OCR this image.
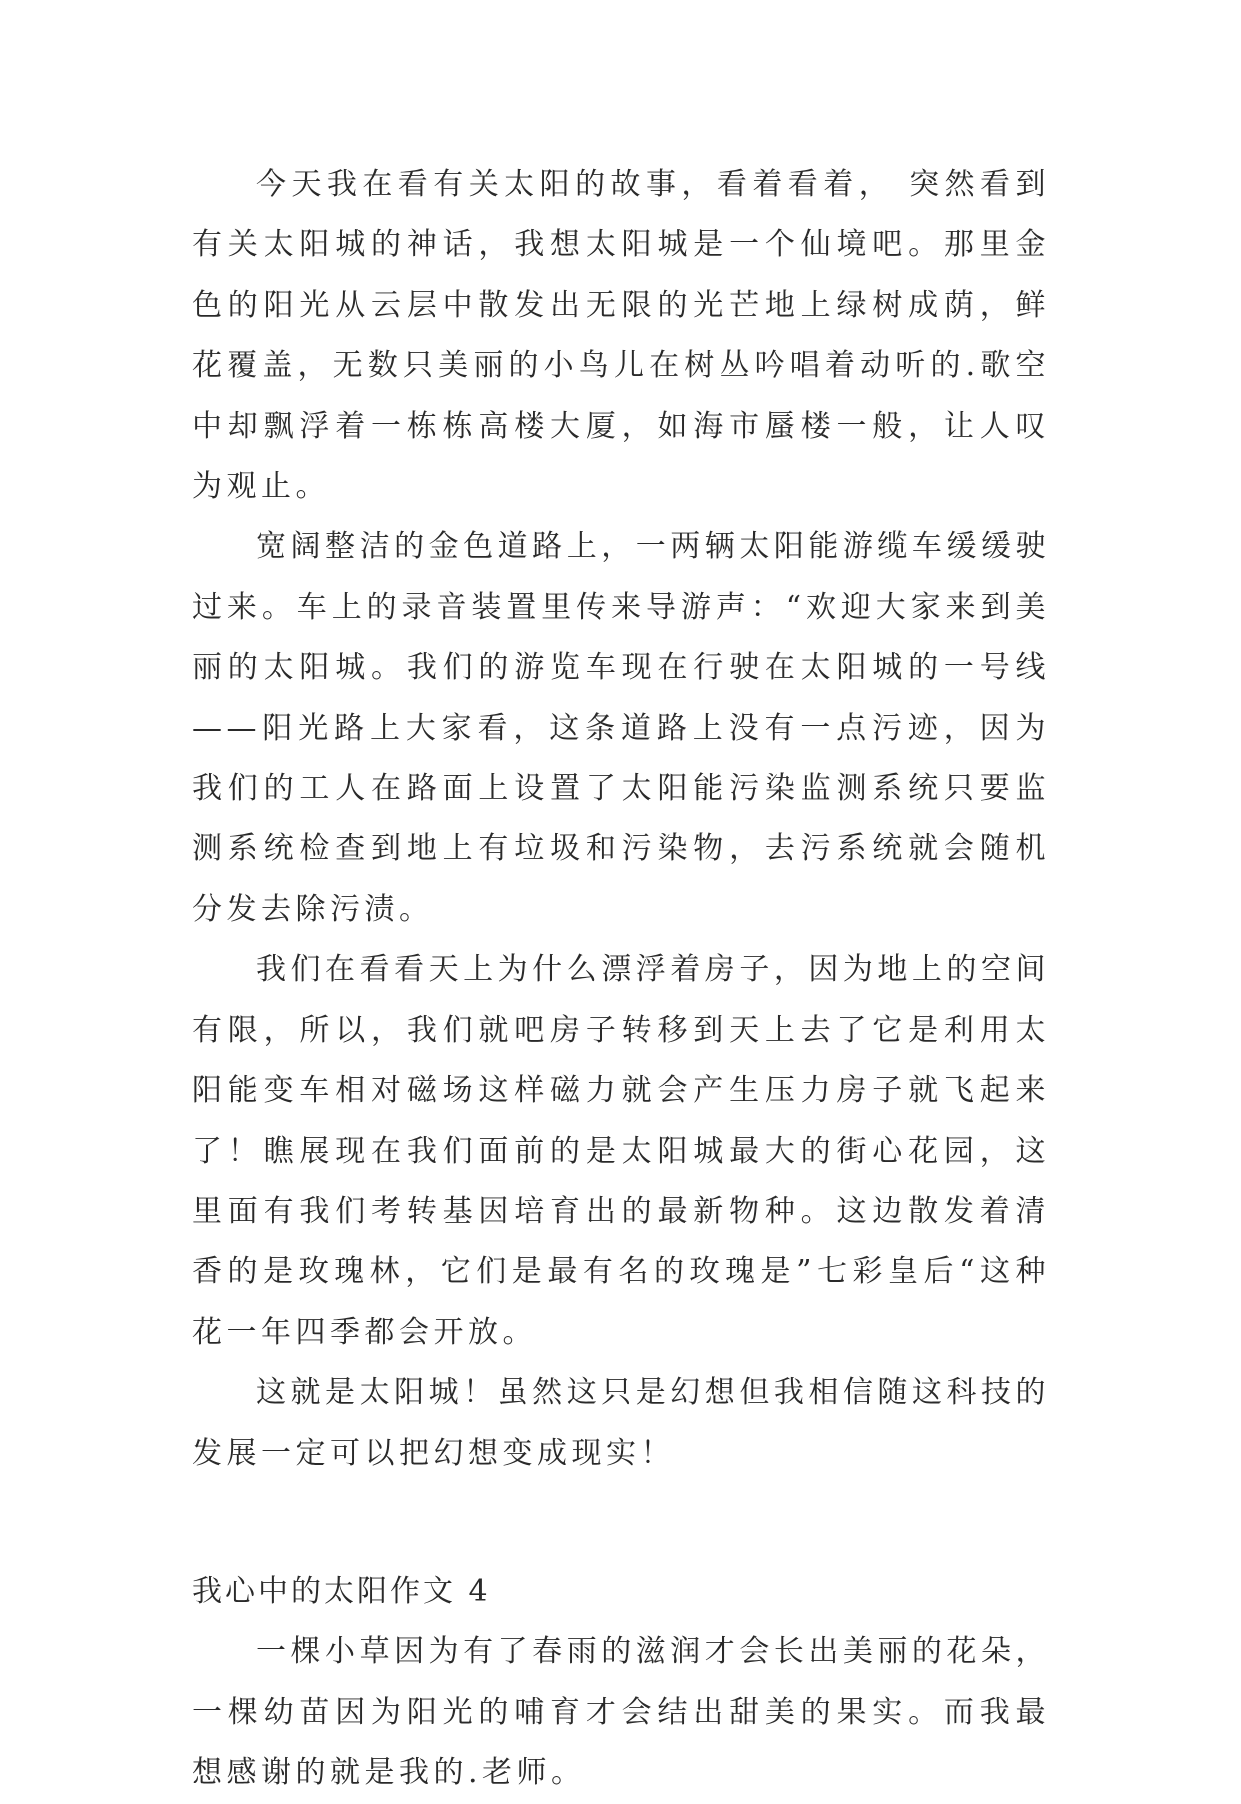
今天我在看有关太阳的故事，看着看着， 突然看到有关太阳城的神话，我想太阳城是一个仙境吧。那里金色的阳光从云层中散发出无限的光芒地上绿树成荫，鲜花覆盖，无数只美丽的小鸟儿在树丛吟唱着动听的.歌空中却飘浮着一栋栋高楼大厦，如海市蜃楼一般，让人叹为观止。

宽阔整洁的金色道路上，一两辆太阳能游缆车缓缓驶过来。车上的录音装置里传来导游声：“欢迎大家来到美丽的太阳城。我们的游览车现在行驶在太阳城的一号线——阳光路上大家看，这条道路上没有一点污迹，因为我们的工人在路面上设置了太阳能污染监测系统只要监测系统检查到地上有垃圾和污染物，去污系统就会随机分发去除污渍。

我们在看看天上为什么漂浮着房子，因为地上的空间有限，所以，我们就吧房子转移到天上去了它是利用太阳能变车相对磁场这样磁力就会产生压力房子就飞起来了！瞧展现在我们面前的是太阳城最大的街心花园，这里面有我们考转基因培育出的最新物种。这边散发着清香的是玫瑰林，它们是最有名的玫瑰是”七彩皇后“这种花一年四季都会开放。

这就是太阳城！虽然这只是幻想但我相信随这科技的发展一定可以把幻想变成现实！

我心中的太阳作文 4

一棵小草因为有了春雨的滋润才会长出美丽的花朵，一棵幼苗因为阳光的哺育才会结出甜美的果实。而我最想感谢的就是我的.老师。
